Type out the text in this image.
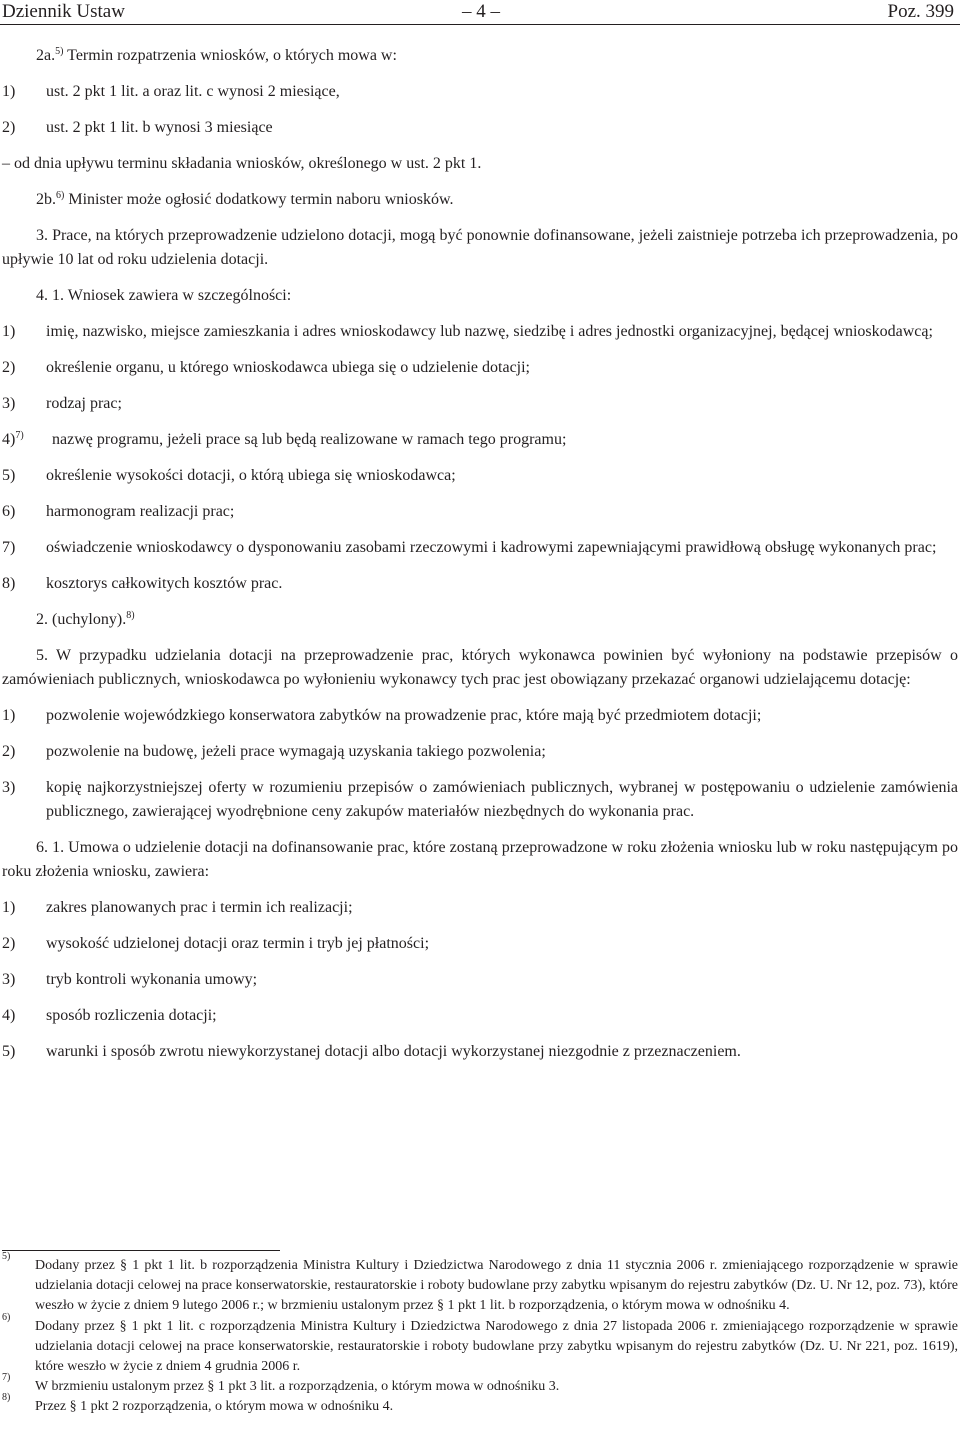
Dziennik Ustaw	– 4 –	Poz. 399

2a.$^{5)}$ Termin rozpatrzenia wniosków, o których mowa w:

1) ust. 2 pkt 1 lit. a oraz lit. c wynosi 2 miesiące,
2) ust. 2 pkt 1 lit. b wynosi 3 miesiące

– od dnia upływu terminu składania wniosków, określonego w ust. 2 pkt 1.

2b.$^{6)}$ Minister może ogłosić dodatkowy termin naboru wniosków.

3. Prace, na których przeprowadzenie udzielono dotacji, mogą być ponownie dofinansowane, jeżeli zaistnieje potrzeba ich przeprowadzenia, po upływie 10 lat od roku udzielenia dotacji.

4. 1. Wniosek zawiera w szczególności:

1) imię, nazwisko, miejsce zamieszkania i adres wnioskodawcy lub nazwę, siedzibę i adres jednostki organizacyjnej, będącej wnioskodawcą;
2) określenie organu, u którego wnioskodawca ubiega się o udzielenie dotacji;
3) rodzaj prac;
4)$^{7)}$ nazwę programu, jeżeli prace są lub będą realizowane w ramach tego programu;
5) określenie wysokości dotacji, o którą ubiega się wnioskodawca;
6) harmonogram realizacji prac;
7) oświadczenie wnioskodawcy o dysponowaniu zasobami rzeczowymi i kadrowymi zapewniającymi prawidłową obsługę wykonanych prac;
8) kosztorys całkowitych kosztów prac.

2. (uchylony).$^{8)}$

5. W przypadku udzielania dotacji na przeprowadzenie prac, których wykonawca powinien być wyłoniony na podstawie przepisów o zamówieniach publicznych, wnioskodawca po wyłonieniu wykonawcy tych prac jest obowiązany przekazać organowi udzielającemu dotację:

1) pozwolenie wojewódzkiego konserwatora zabytków na prowadzenie prac, które mają być przedmiotem dotacji;
2) pozwolenie na budowę, jeżeli prace wymagają uzyskania takiego pozwolenia;
3) kopię najkorzystniejszej oferty w rozumieniu przepisów o zamówieniach publicznych, wybranej w postępowaniu o udzielenie zamówienia publicznego, zawierającej wyodrębnione ceny zakupów materiałów niezbędnych do wykonania prac.

6. 1. Umowa o udzielenie dotacji na dofinansowanie prac, które zostaną przeprowadzone w roku złożenia wniosku lub w roku następującym po roku złożenia wniosku, zawiera:

1) zakres planowanych prac i termin ich realizacji;
2) wysokość udzielonej dotacji oraz termin i tryb jej płatności;
3) tryb kontroli wykonania umowy;
4) sposób rozliczenia dotacji;
5) warunki i sposób zwrotu niewykorzystanej dotacji albo dotacji wykorzystanej niezgodnie z przeznaczeniem.
5)
Dodany przez § 1 pkt 1 lit. b rozporządzenia Ministra Kultury i Dziedzictwa Narodowego z dnia 11 stycznia 2006 r. zmieniającego rozporządzenie w sprawie udzielania dotacji celowej na prace konserwatorskie, restauratorskie i roboty budowlane przy zabytku wpisanym do rejestru zabytków (Dz. U. Nr 12, poz. 73), które weszło w życie z dniem 9 lutego 2006 r.; w brzmieniu ustalonym przez § 1 pkt 1 lit. b rozporządzenia, o którym mowa w odnośniku 4.
6)
Dodany przez § 1 pkt 1 lit. c rozporządzenia Ministra Kultury i Dziedzictwa Narodowego z dnia 27 listopada 2006 r. zmieniającego rozporządzenie w sprawie udzielania dotacji celowej na prace konserwatorskie, restauratorskie i roboty budowlane przy zabytku wpisanym do rejestru zabytków (Dz. U. Nr 221, poz. 1619), które weszło w życie z dniem 4 grudnia 2006 r.
7)
W brzmieniu ustalonym przez § 1 pkt 3 lit. a rozporządzenia, o którym mowa w odnośniku 3.
8)
Przez § 1 pkt 2 rozporządzenia, o którym mowa w odnośniku 4.
